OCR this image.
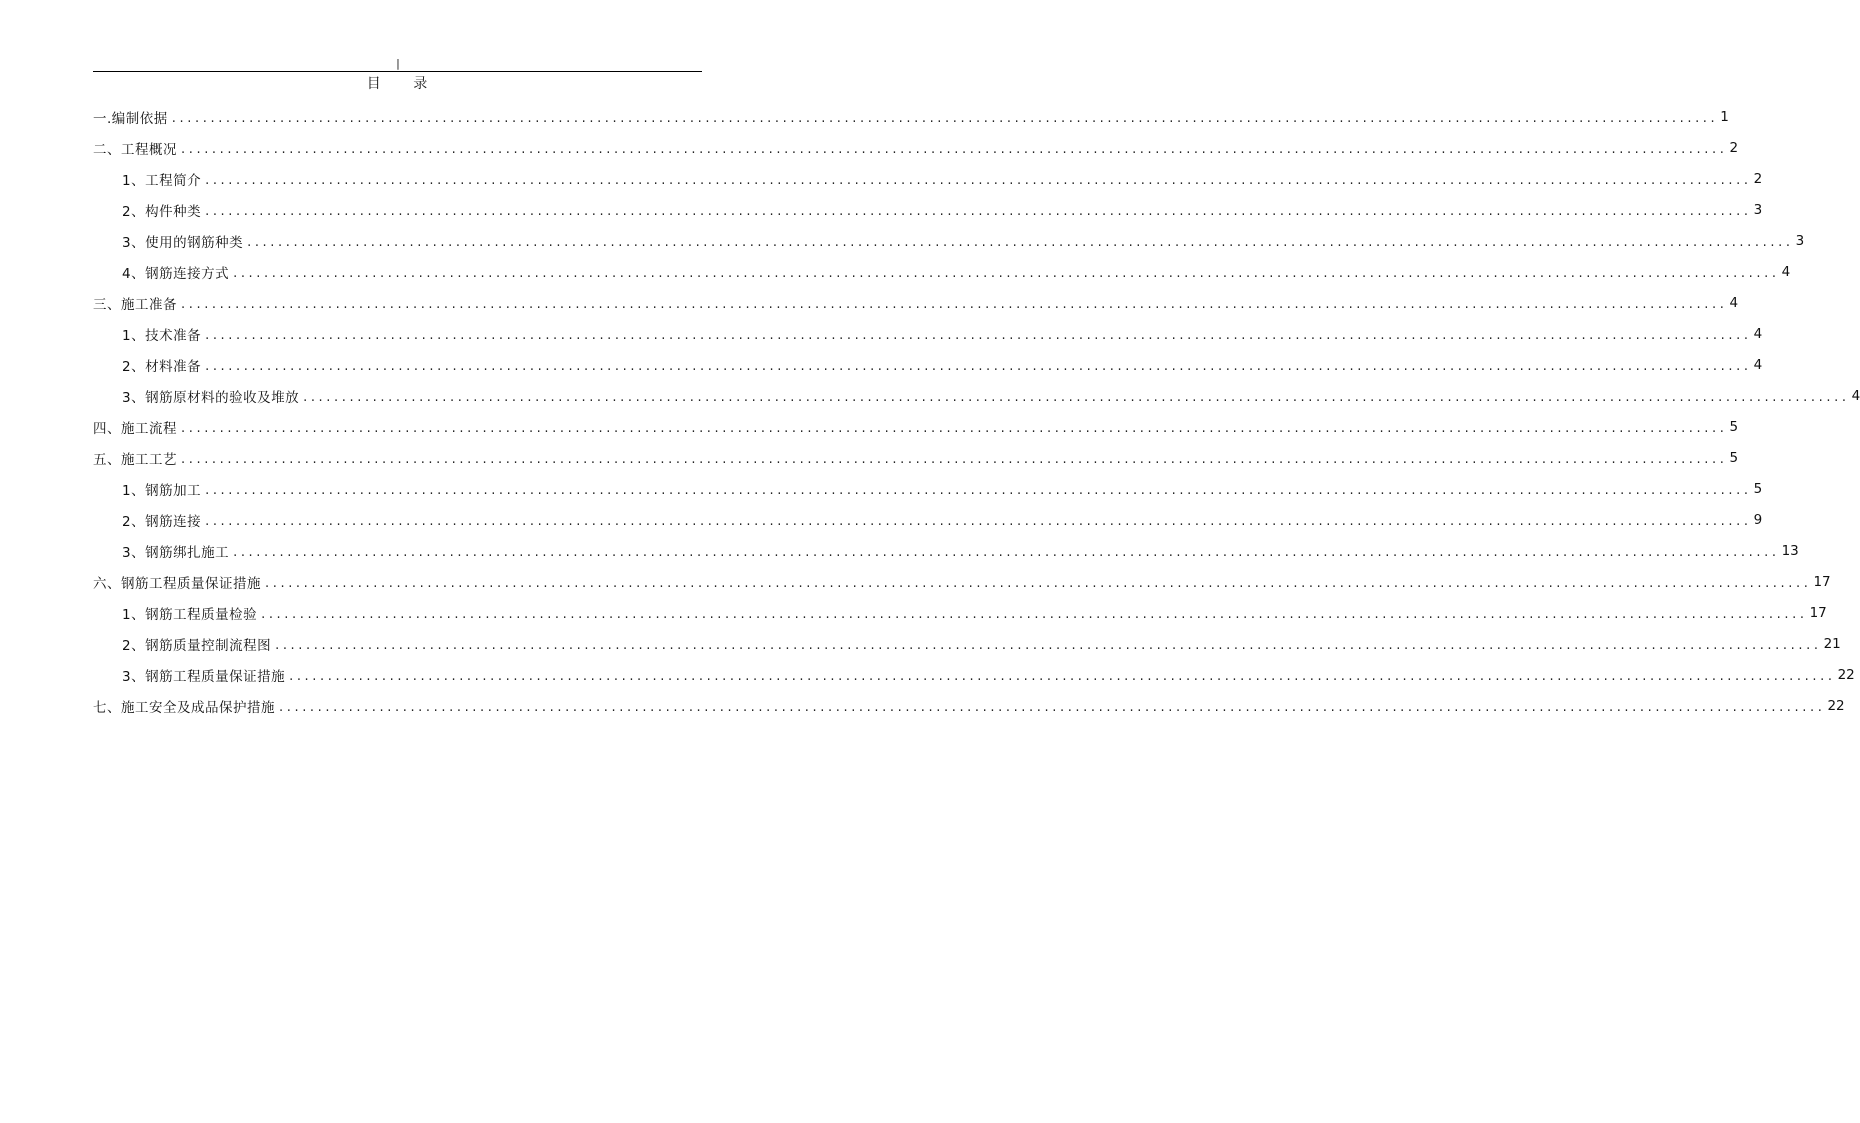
|
目 录
一.编制依据 ........................................................................................................................................................................................................ 1
二、工程概况 ........................................................................................................................................................................................................ 2
1、工程简介 ........................................................................................................................................................................................................ 2
2、构件种类 ........................................................................................................................................................................................................ 3
3、使用的钢筋种类 ........................................................................................................................................................................................................ 3
4、钢筋连接方式 ........................................................................................................................................................................................................ 4
三、施工准备 ........................................................................................................................................................................................................ 4
1、技术准备 ........................................................................................................................................................................................................ 4
2、材料准备 ........................................................................................................................................................................................................ 4
3、钢筋原材料的验收及堆放 ........................................................................................................................................................................................................ 4
四、施工流程 ........................................................................................................................................................................................................ 5
五、施工工艺 ........................................................................................................................................................................................................ 5
1、钢筋加工 ........................................................................................................................................................................................................ 5
2、钢筋连接 ........................................................................................................................................................................................................ 9
3、钢筋绑扎施工 ........................................................................................................................................................................................................ 13
六、钢筋工程质量保证措施 ........................................................................................................................................................................................................ 17
1、钢筋工程质量检验 ........................................................................................................................................................................................................ 17
2、钢筋质量控制流程图 ........................................................................................................................................................................................................ 21
3、钢筋工程质量保证措施 ........................................................................................................................................................................................................ 22
七、施工安全及成品保护措施 ........................................................................................................................................................................................................ 22
